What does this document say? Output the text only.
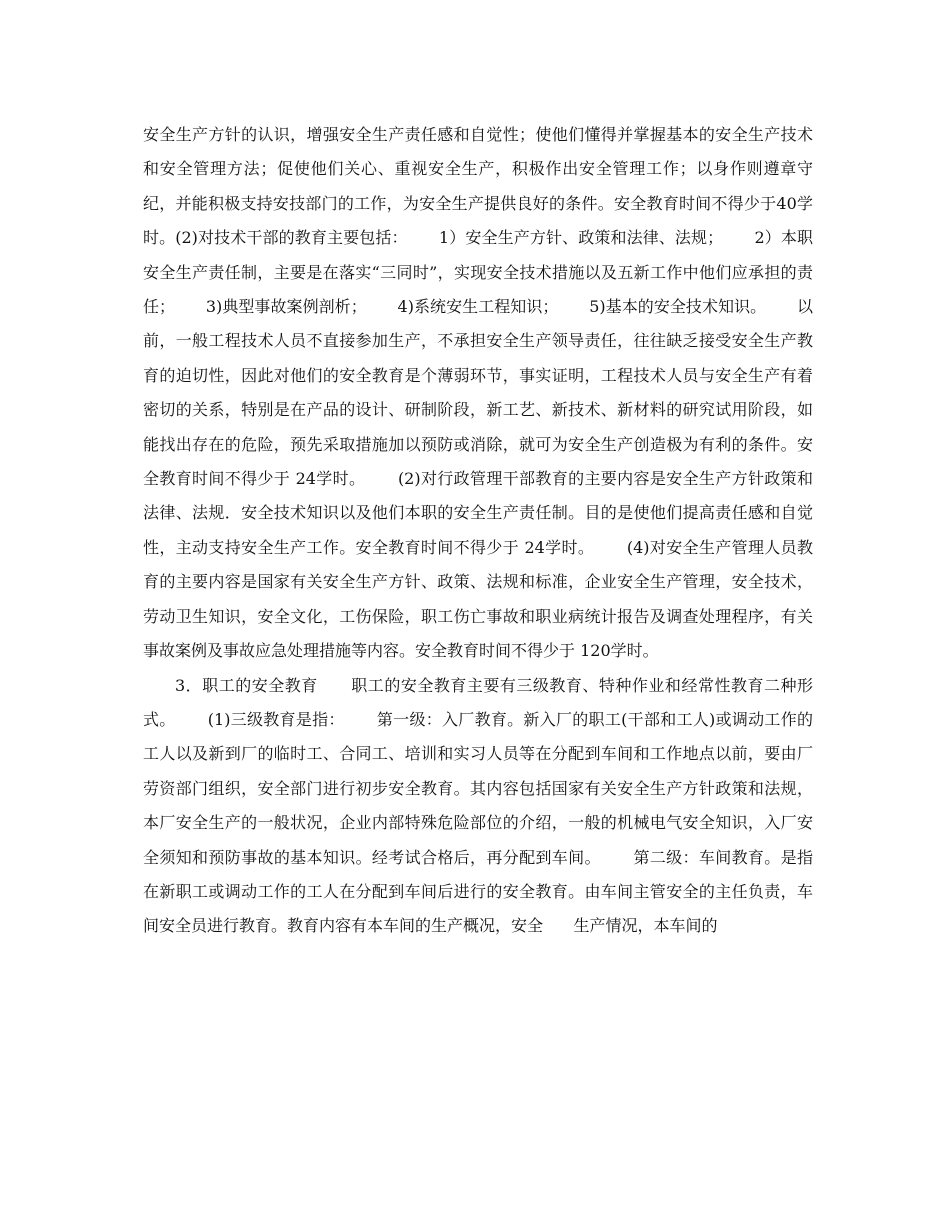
安全生产方针的认识，增强安全生产责任感和自觉性；使他们懂得并掌握基本的安全生产技术和安全管理方法；促使他们关心、重视安全生产，积极作出安全管理工作；以身作则遵章守纪，并能积极支持安技部门的工作，为安全生产提供良好的条件。安全教育时间不得少于40学时。(2)对技术干部的教育主要包括：      1）安全生产方针、政策和法律、法规；      2）本职安全生产责任制，主要是在落实“三同时”，实现安全技术措施以及五新工作中他们应承担的责任；      3)典型事故案例剖析；      4)系统安生工程知识；      5)基本的安全技术知识。      以前，一般工程技术人员不直接参加生产，不承担安全生产领导责任，往往缺乏接受安全生产教育的迫切性，因此对他们的安全教育是个薄弱环节，事实证明，工程技术人员与安全生产有着密切的关系，特别是在产品的设计、研制阶段，新工艺、新技术、新材料的研究试用阶段，如能找出存在的危险，预先采取措施加以预防或消除，就可为安全生产创造极为有利的条件。安全教育时间不得少于 24学时。      (2)对行政管理干部教育的主要内容是安全生产方针政策和法律、法规．安全技术知识以及他们本职的安全生产责任制。目的是使他们提高责任感和自觉性，主动支持安全生产工作。安全教育时间不得少于 24学时。      (4)对安全生产管理人员教育的主要内容是国家有关安全生产方针、政策、法规和标准，企业安全生产管理，安全技术，劳动卫生知识，安全文化，工伤保险，职工伤亡事故和职业病统计报告及调查处理程序，有关事故案例及事故应急处理措施等内容。安全教育时间不得少于 120学时。

3．职工的安全教育      职工的安全教育主要有三级教育、特种作业和经常性教育二种形式。      (1)三级教育是指：      第一级：入厂教育。新入厂的职工(干部和工人)或调动工作的工人以及新到厂的临时工、合同工、培训和实习人员等在分配到车间和工作地点以前，要由厂劳资部门组织，安全部门进行初步安全教育。其内容包括国家有关安全生产方针政策和法规，本厂安全生产的一般状况，企业内部特殊危险部位的介绍，一般的机械电气安全知识，入厂安全须知和预防事故的基本知识。经考试合格后，再分配到车间。      第二级：车间教育。是指在新职工或调动工作的工人在分配到车间后进行的安全教育。由车间主管安全的主任负责，车间安全员进行教育。教育内容有本车间的生产概况，安全      生产情况，本车间的
